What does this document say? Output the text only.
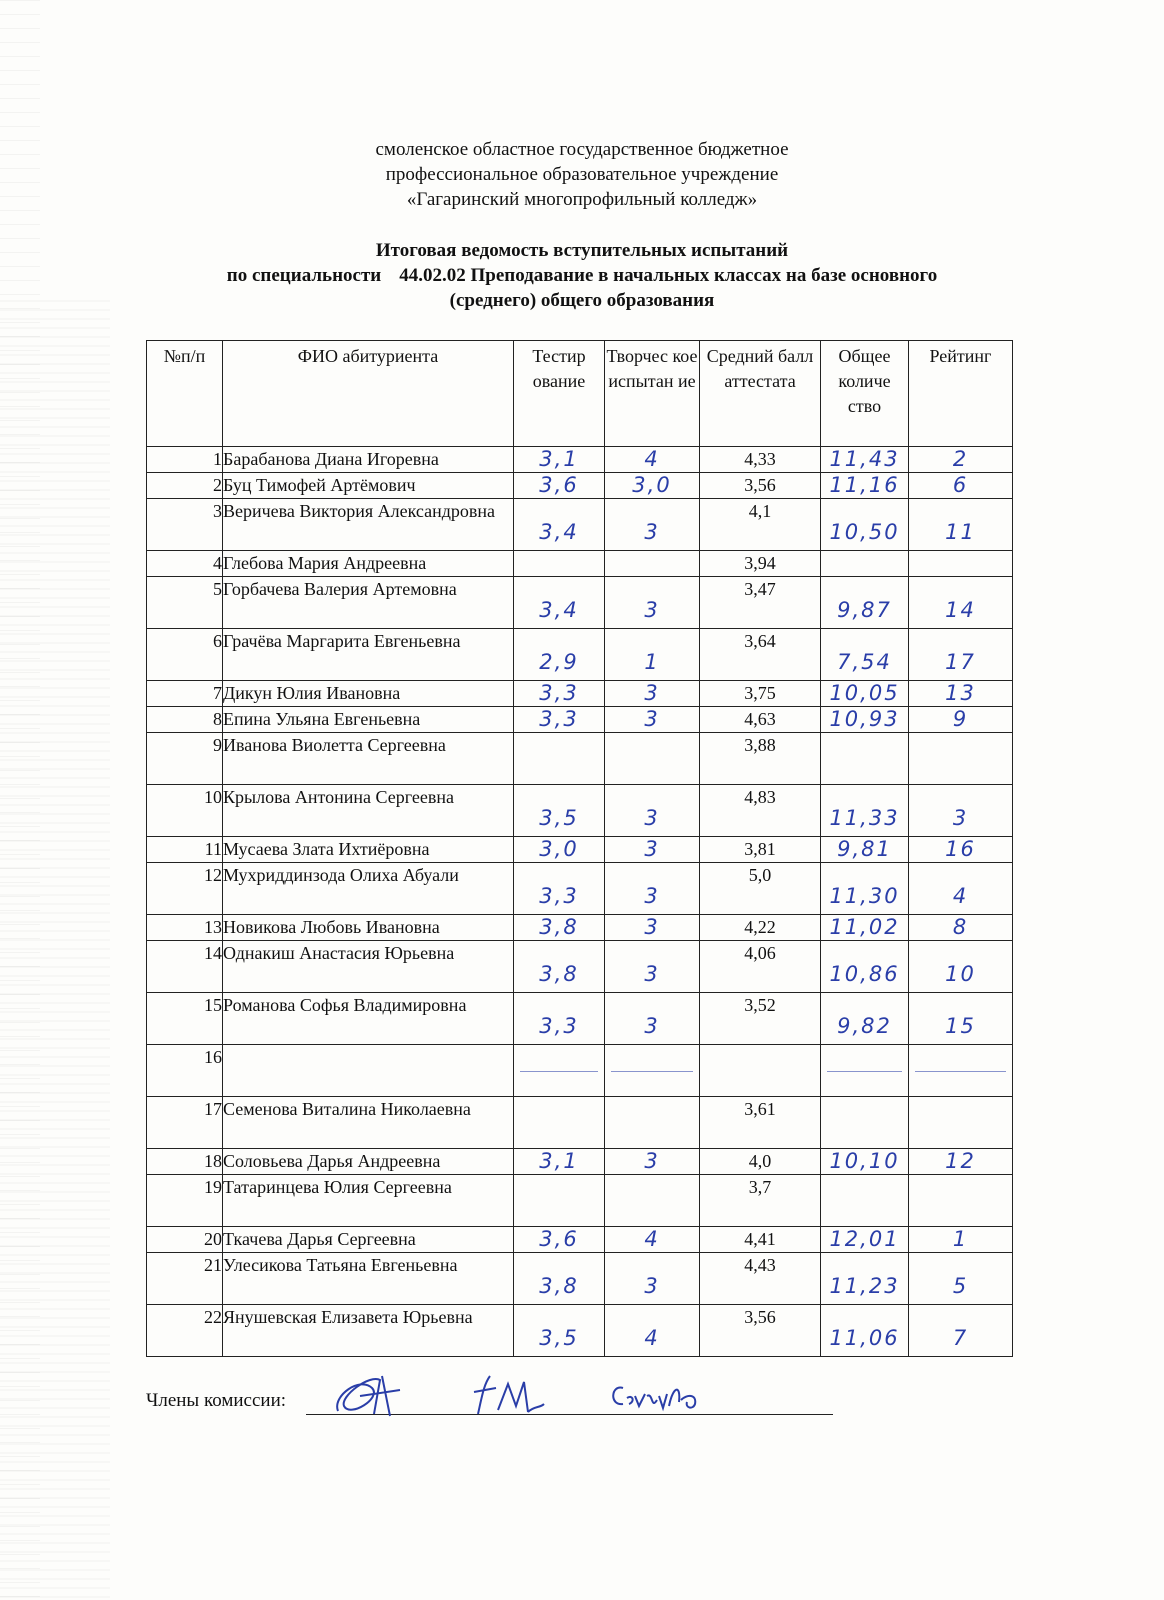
смоленское областное государственное бюджетное
профессиональное образовательное учреждение
«Гагаринский многопрофильный колледж»
Итоговая ведомость вступительных испытаний
по специальности 44.02.02 Преподавание в начальных классах на базе основного
(среднего) общего образования
№п/п	ФИО абитуриента	Тестир ование	Творчес кое испытан ие	Средний балл аттестата	Общее количе ство	Рейтинг
1	Барабанова Диана Игоревна	3,1	4	4,33	11,43	2

2	Буц Тимофей Артёмович	3,6	3,0	3,56	11,16	6

3	Веричева Виктория Александровна	3,4	3	4,1	10,50	11

4	Глебова Мария Андреевна			3,94	

5	Горбачева Валерия Артемовна	3,4	3	3,47	9,87	14

6	Грачёва Маргарита Евгеньевна	2,9	1	3,64	7,54	17

7	Дикун Юлия Ивановна	3,3	3	3,75	10,05	13

8	Епина Ульяна Евгеньевна	3,3	3	4,63	10,93	9

9	Иванова Виолетта Сергеевна			3,88	

10	Крылова Антонина Сергеевна	3,5	3	4,83	11,33	3

11	Мусаева Злата Ихтиёровна	3,0	3	3,81	9,81	16

12	Мухриддинзода Олиха Абуали	3,3	3	5,0	11,30	4

13	Новикова Любовь Ивановна	3,8	3	4,22	11,02	8

14	Однакиш Анастасия Юрьевна	3,8	3	4,06	10,86	10

15	Романова Софья Владимировна	3,3	3	3,52	9,82	15

16		

17	Семенова Виталина Николаевна			3,61	

18	Соловьева Дарья Андреевна	3,1	3	4,0	10,10	12

19	Татаринцева Юлия Сергеевна			3,7	

20	Ткачева Дарья Сергеевна	3,6	4	4,41	12,01	1

21	Улесикова Татьяна Евгеньевна	3,8	3	4,43	11,23	5

22	Янушевская Елизавета Юрьевна	3,5	4	3,56	11,06	7
Члены комиссии:
